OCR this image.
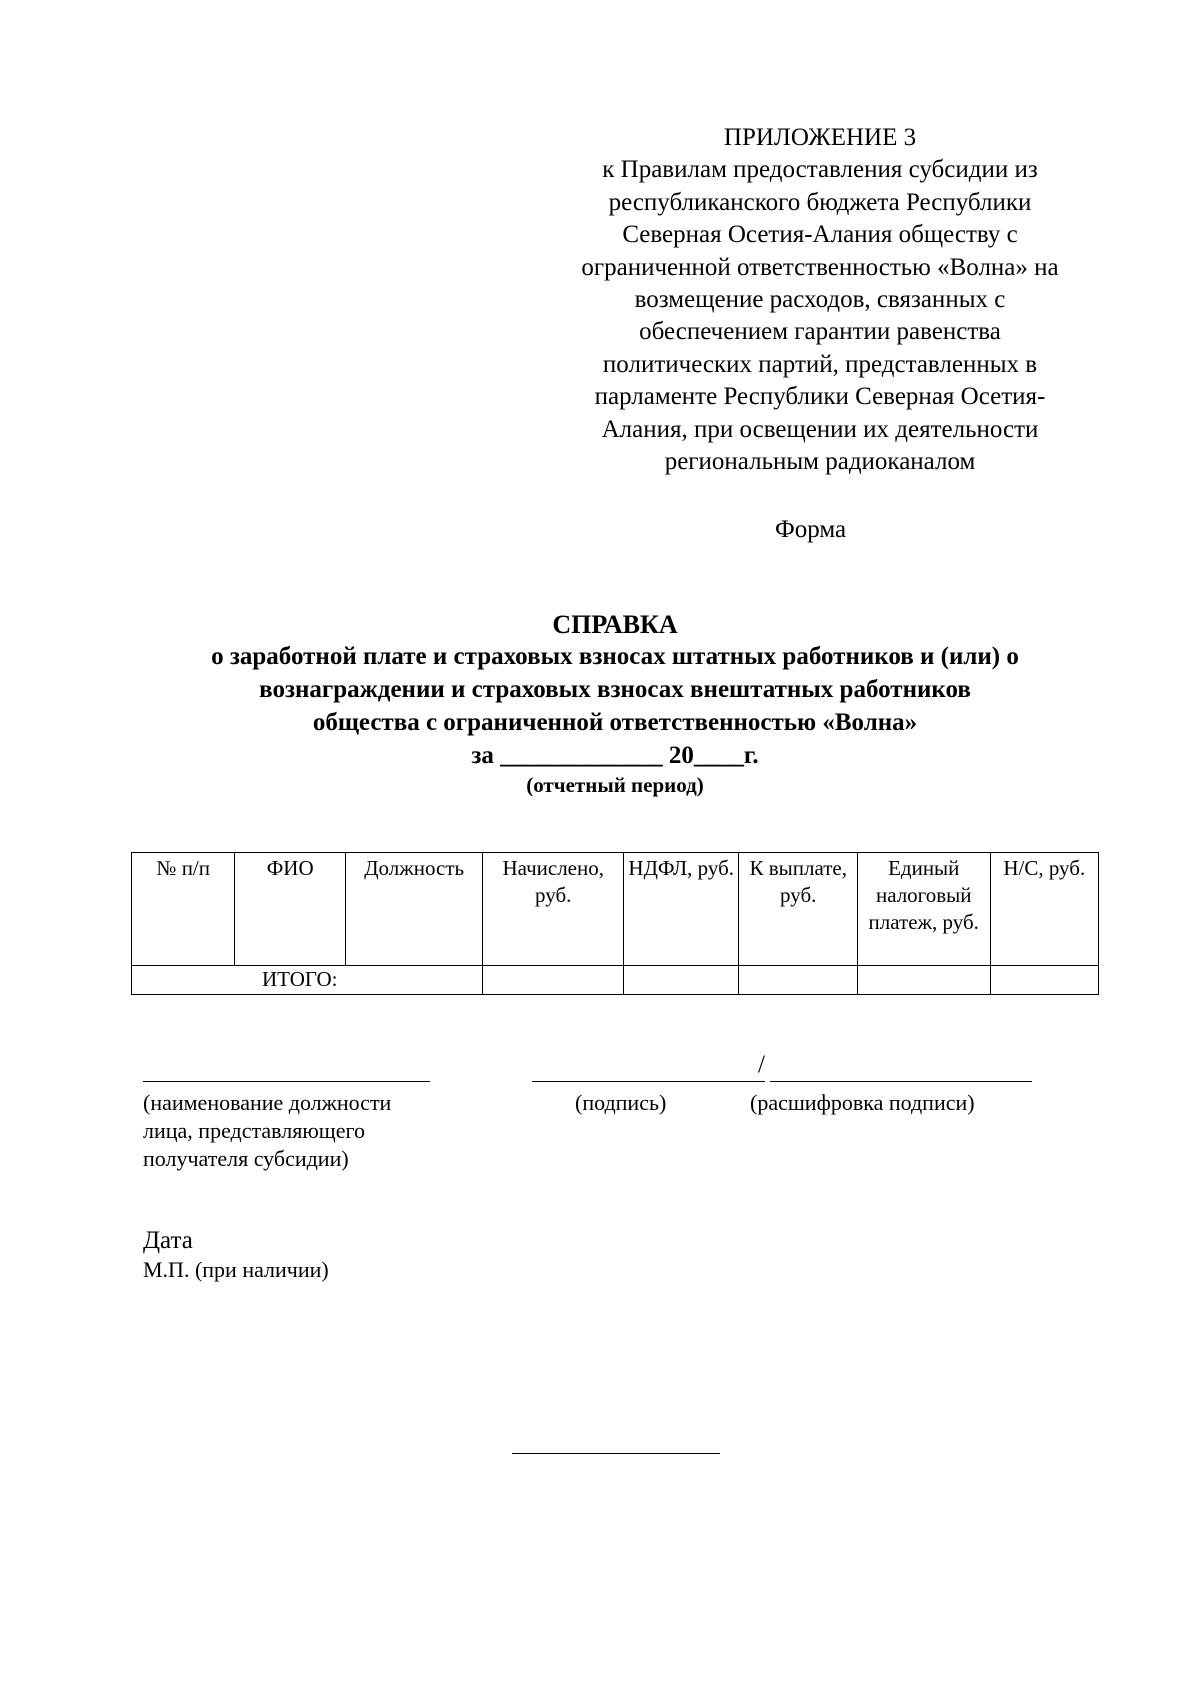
ПРИЛОЖЕНИЕ 3
к Правилам предоставления субсидии из
республиканского бюджета Республики
Северная Осетия-Алания обществу с
ограниченной ответственностью «Волна» на
возмещение расходов, связанных с
обеспечением гарантии равенства
политических партий, представленных в
парламенте Республики Северная Осетия-
Алания, при освещении их деятельности
региональным радиоканалом
Форма
СПРАВКА
о заработной плате и страховых взносах штатных работников и (или) о
вознаграждении и страховых взносах внештатных работников
общества с ограниченной ответственностью «Волна»
за _____________ 20____г.
(отчетный период)
№ п/п	ФИО	Должность	Начислено, руб.	НДФЛ, руб.	К выплате, руб.	Единый налоговый платеж, руб.	Н/С, руб.
ИТОГО:							
/
(наименование должности лица, представляющего получателя субсидии)
(подпись)	(расшифровка подписи)
Дата
М.П. (при наличии)
